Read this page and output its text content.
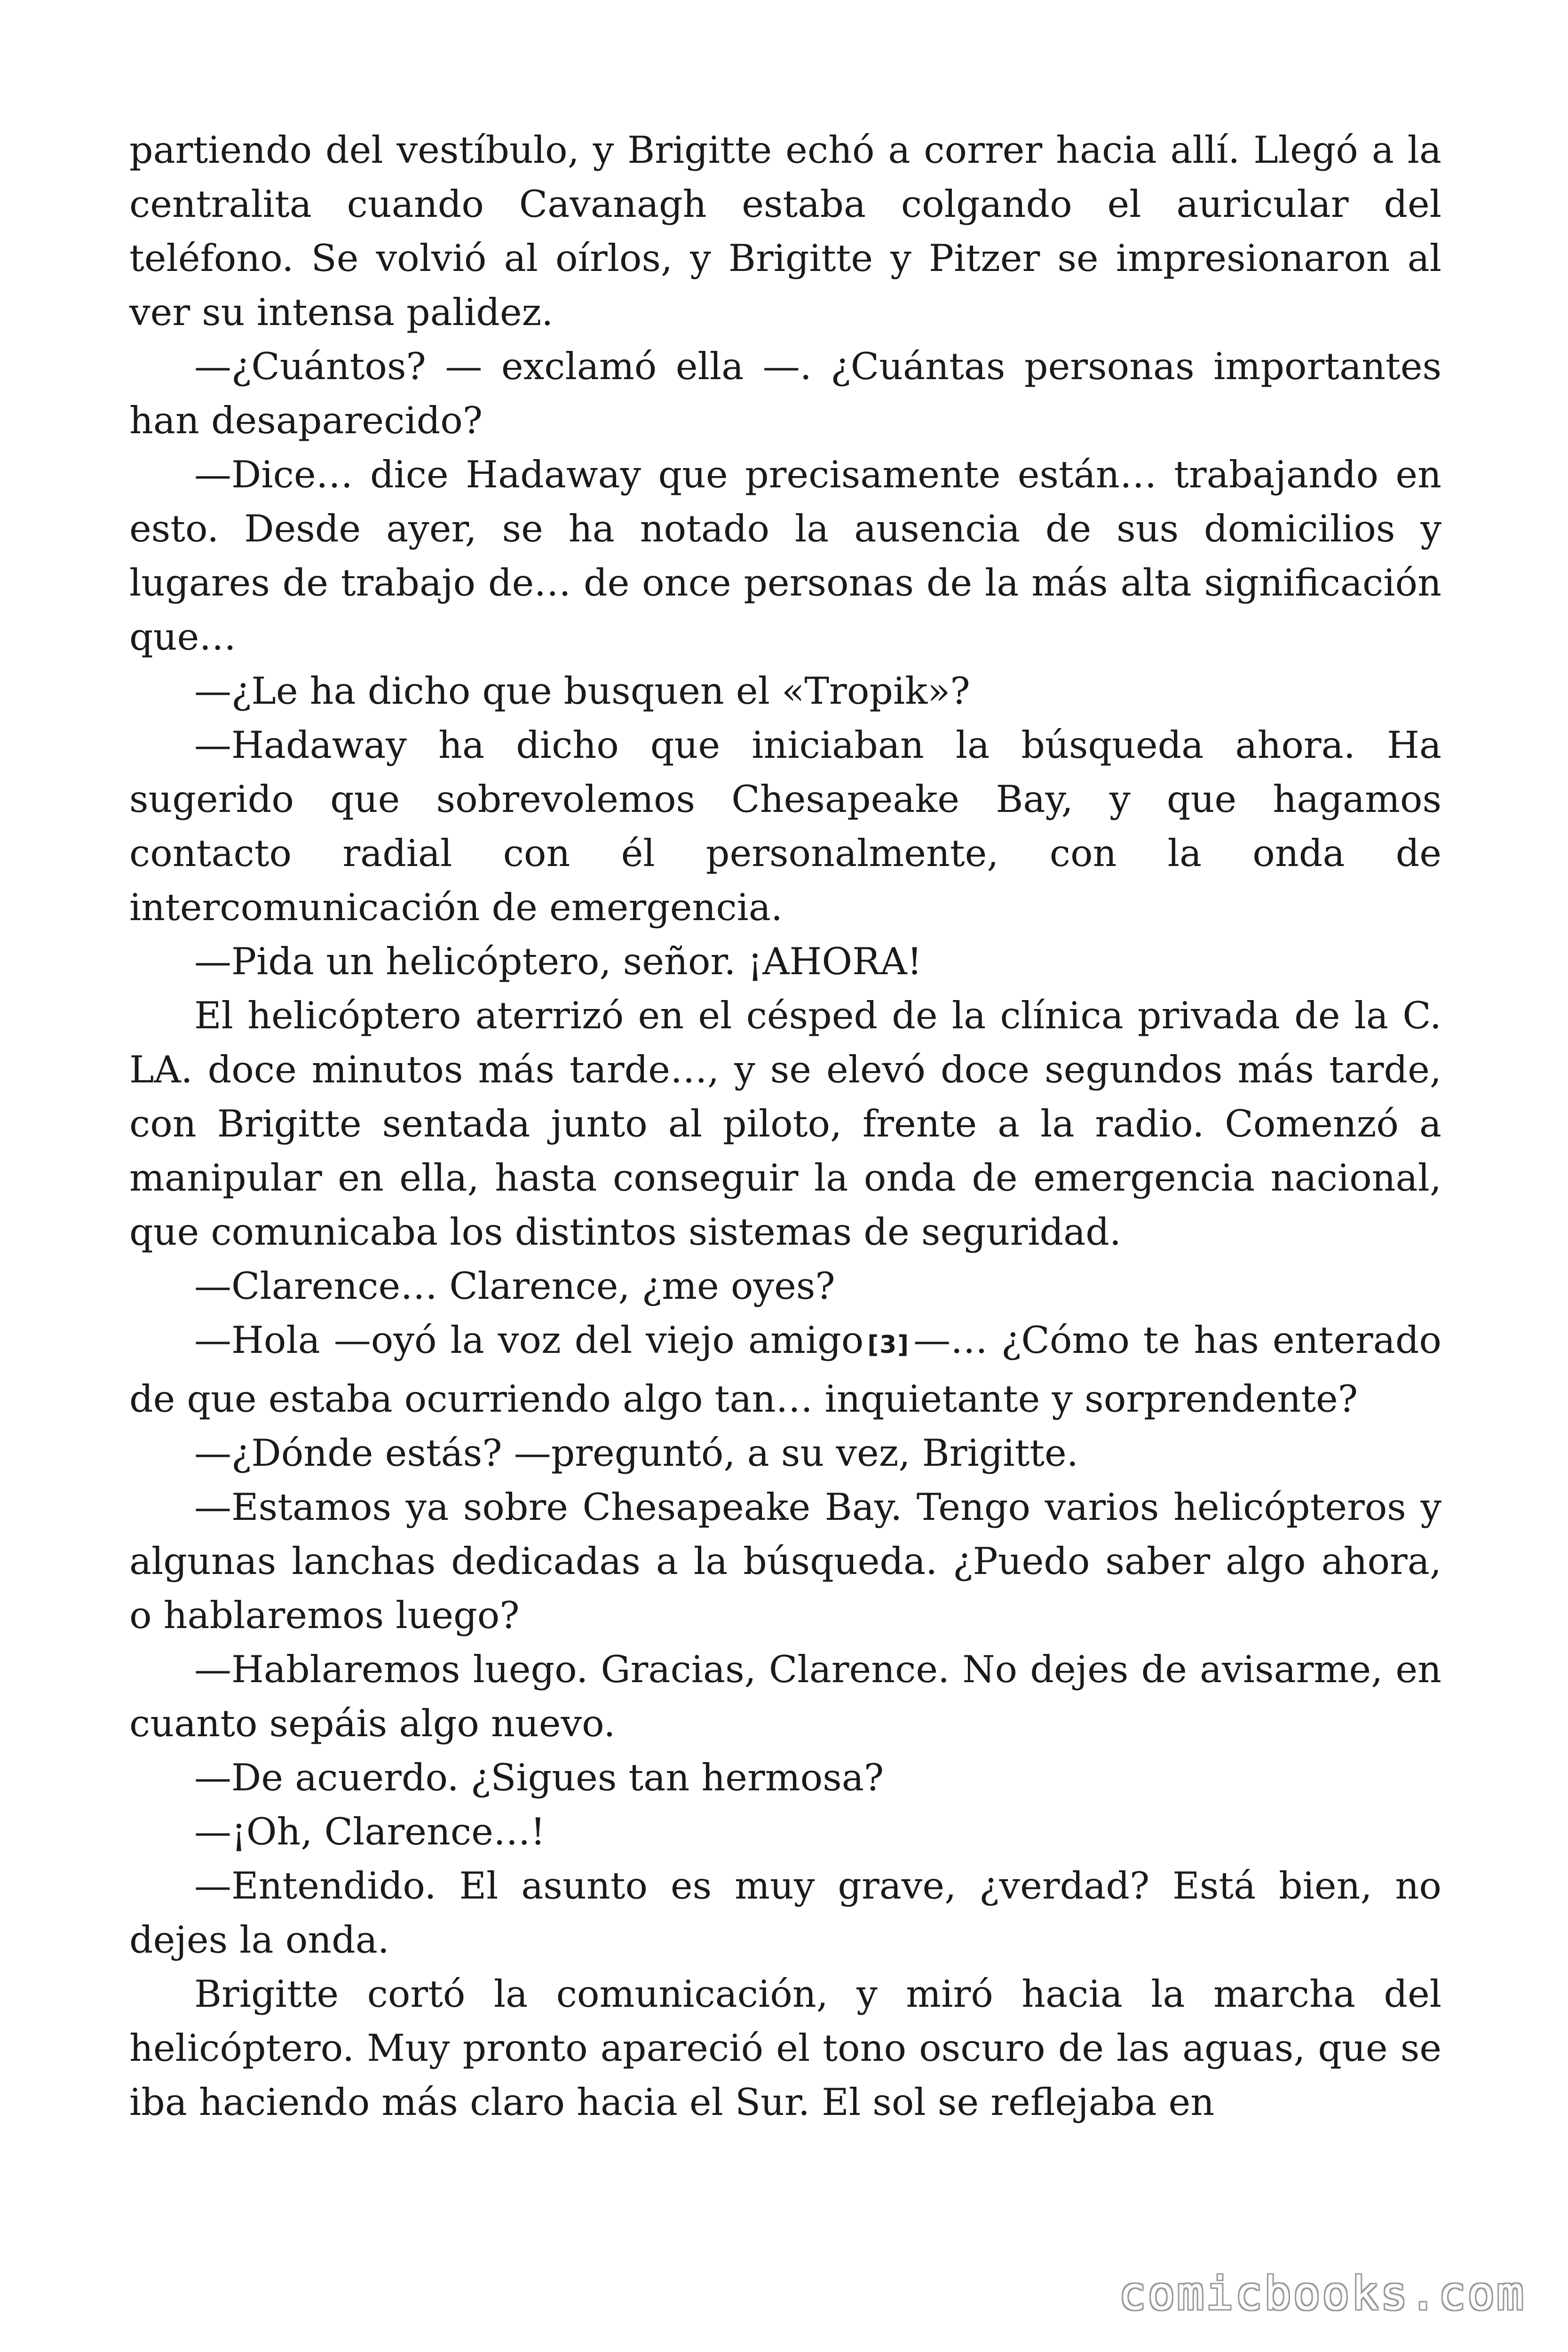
partiendo del vestíbulo, y Brigitte echó a correr hacia allí. Llegó a la centralita cuando Cavanagh estaba colgando el auricular del teléfono. Se volvió al oírlos, y Brigitte y Pitzer se impresionaron al ver su intensa palidez.

—¿Cuántos? — exclamó ella —. ¿Cuántas personas importantes han desaparecido?

—Dice… dice Hadaway que precisamente están… trabajando en esto. Desde ayer, se ha notado la ausencia de sus domicilios y lugares de trabajo de… de once personas de la más alta significación que…

—¿Le ha dicho que busquen el «Tropik»?

—Hadaway ha dicho que iniciaban la búsqueda ahora. Ha sugerido que sobrevolemos Chesapeake Bay, y que hagamos contacto radial con él personalmente, con la onda de intercomunicación de emergencia.

—Pida un helicóptero, señor. ¡AHORA!

El helicóptero aterrizó en el césped de la clínica privada de la C. LA. doce minutos más tarde…, y se elevó doce segundos más tarde, con Brigitte sentada junto al piloto, frente a la radio. Comenzó a manipular en ella, hasta conseguir la onda de emergencia nacional, que comunicaba los distintos sistemas de seguridad.

—Clarence… Clarence, ¿me oyes?

—Hola —oyó la voz del viejo amigo [3] —… ¿Cómo te has enterado de que estaba ocurriendo algo tan… inquietante y sorprendente?

—¿Dónde estás? —preguntó, a su vez, Brigitte.

—Estamos ya sobre Chesapeake Bay. Tengo varios helicópteros y algunas lanchas dedicadas a la búsqueda. ¿Puedo saber algo ahora, o hablaremos luego?

—Hablaremos luego. Gracias, Clarence. No dejes de avisarme, en cuanto sepáis algo nuevo.

—De acuerdo. ¿Sigues tan hermosa?

—¡Oh, Clarence…!

—Entendido. El asunto es muy grave, ¿verdad? Está bien, no dejes la onda.

Brigitte cortó la comunicación, y miró hacia la marcha del helicóptero. Muy pronto apareció el tono oscuro de las aguas, que se iba haciendo más claro hacia el Sur. El sol se reflejaba en

comicbooks.com
